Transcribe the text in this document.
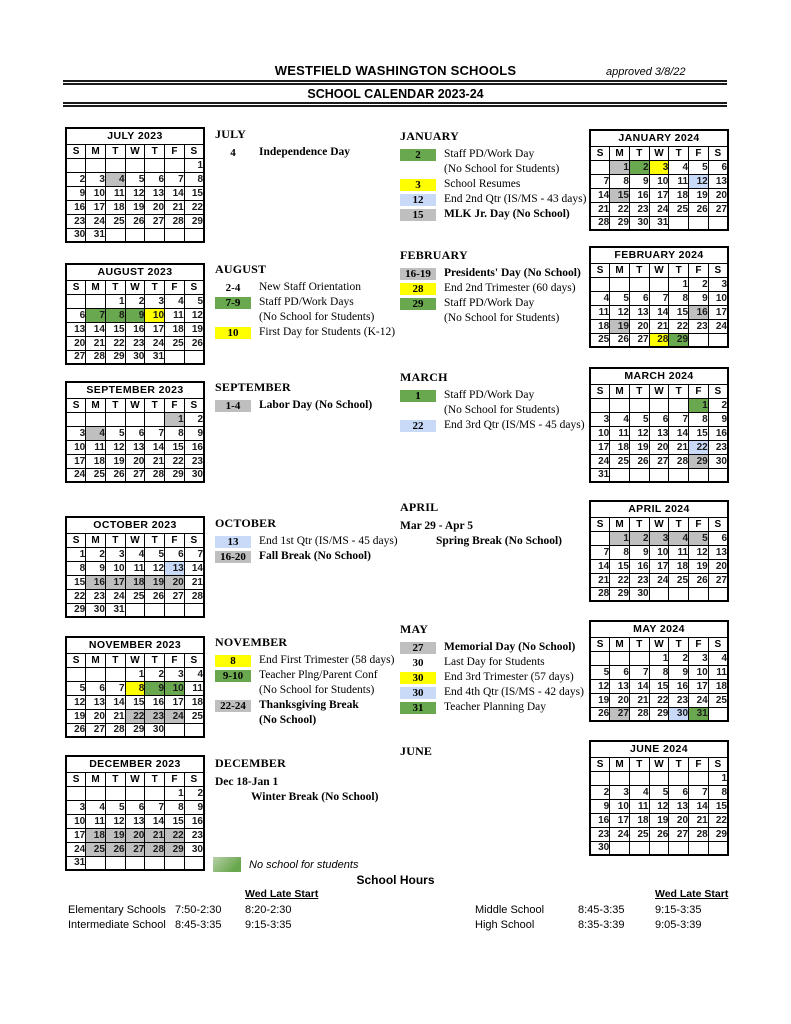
WESTFIELD WASHINGTON SCHOOLS	approved 3/8/22
SCHOOL CALENDAR 2023-24
JULY 2023						
S	M	T	W	T	F	S
						1
2	3	4	5	6	7	8
9	10	11	12	13	14	15
16	17	18	19	20	21	22
23	24	25	26	27	28	29
30	31					
AUGUST 2023						
S	M	T	W	T	F	S
		1	2	3	4	5
6	7	8	9	10	11	12
13	14	15	16	17	18	19
20	21	22	23	24	25	26
27	28	29	30	31		
SEPTEMBER 2023						
S	M	T	W	T	F	S
					1	2
3	4	5	6	7	8	9
10	11	12	13	14	15	16
17	18	19	20	21	22	23
24	25	26	27	28	29	30
OCTOBER 2023						
S	M	T	W	T	F	S
1	2	3	4	5	6	7
8	9	10	11	12	13	14
15	16	17	18	19	20	21
22	23	24	25	26	27	28
29	30	31				
NOVEMBER 2023						
S	M	T	W	T	F	S
			1	2	3	4
5	6	7	8	9	10	11
12	13	14	15	16	17	18
19	20	21	22	23	24	25
26	27	28	29	30		
DECEMBER 2023						
S	M	T	W	T	F	S
					1	2
3	4	5	6	7	8	9
10	11	12	13	14	15	16
17	18	19	20	21	22	23
24	25	26	27	28	29	30
31						
JANUARY 2024						
S	M	T	W	T	F	S
	1	2	3	4	5	6
7	8	9	10	11	12	13
14	15	16	17	18	19	20
21	22	23	24	25	26	27
28	29	30	31			
FEBRUARY 2024						
S	M	T	W	T	F	S
				1	2	3
4	5	6	7	8	9	10
11	12	13	14	15	16	17
18	19	20	21	22	23	24
25	26	27	28	29		
MARCH 2024						
S	M	T	W	T	F	S
					1	2
3	4	5	6	7	8	9
10	11	12	13	14	15	16
17	18	19	20	21	22	23
24	25	26	27	28	29	30
31						
APRIL 2024						
S	M	T	W	T	F	S
	1	2	3	4	5	6
7	8	9	10	11	12	13
14	15	16	17	18	19	20
21	22	23	24	25	26	27
28	29	30				
MAY 2024						
S	M	T	W	T	F	S
			1	2	3	4
5	6	7	8	9	10	11
12	13	14	15	16	17	18
19	20	21	22	23	24	25
26	27	28	29	30	31	
JUNE 2024						
S	M	T	W	T	F	S
						1
2	3	4	5	6	7	8
9	10	11	12	13	14	15
16	17	18	19	20	21	22
23	24	25	26	27	28	29
30						
JULY
4	Independence Day
AUGUST
2-4	New Staff Orientation
7-9	Staff PD/Work Days
(No School for Students)
10	First Day for Students (K-12)
SEPTEMBER
1-4	Labor Day (No School)
OCTOBER
13	End 1st Qtr (IS/MS - 45 days)
16-20	Fall Break (No School)
NOVEMBER
8	End First Trimester (58 days)
9-10	Teacher Plng/Parent Conf
(No School for Students)
22-24	Thanksgiving Break
(No School)
DECEMBER
Dec 18-Jan 1
Winter Break (No School)
JANUARY
2	Staff PD/Work Day
(No School for Students)
3	School Resumes
12	End 2nd Qtr (IS/MS - 43 days)
15	MLK Jr. Day (No School)
FEBRUARY
16-19	Presidents' Day (No School)
28	End 2nd Trimester (60 days)
29	Staff PD/Work Day
(No School for Students)
MARCH
1	Staff PD/Work Day
(No School for Students)
22	End 3rd Qtr (IS/MS - 45 days)
APRIL
Mar 29 - Apr 5
Spring Break (No School)
MAY
27	Memorial Day (No School)
30	Last Day for Students
30	End 3rd Trimester (57 days)
30	End 4th Qtr (IS/MS - 42 days)
31	Teacher Planning Day
JUNE
No school for students
School Hours
Wed Late Start
Elementary Schools 7:50-2:30	8:20-2:30
Intermediate School 8:45-3:35	9:15-3:35
Wed Late Start
Middle School	8:45-3:35	9:15-3:35
High School	8:35-3:39	9:05-3:39
